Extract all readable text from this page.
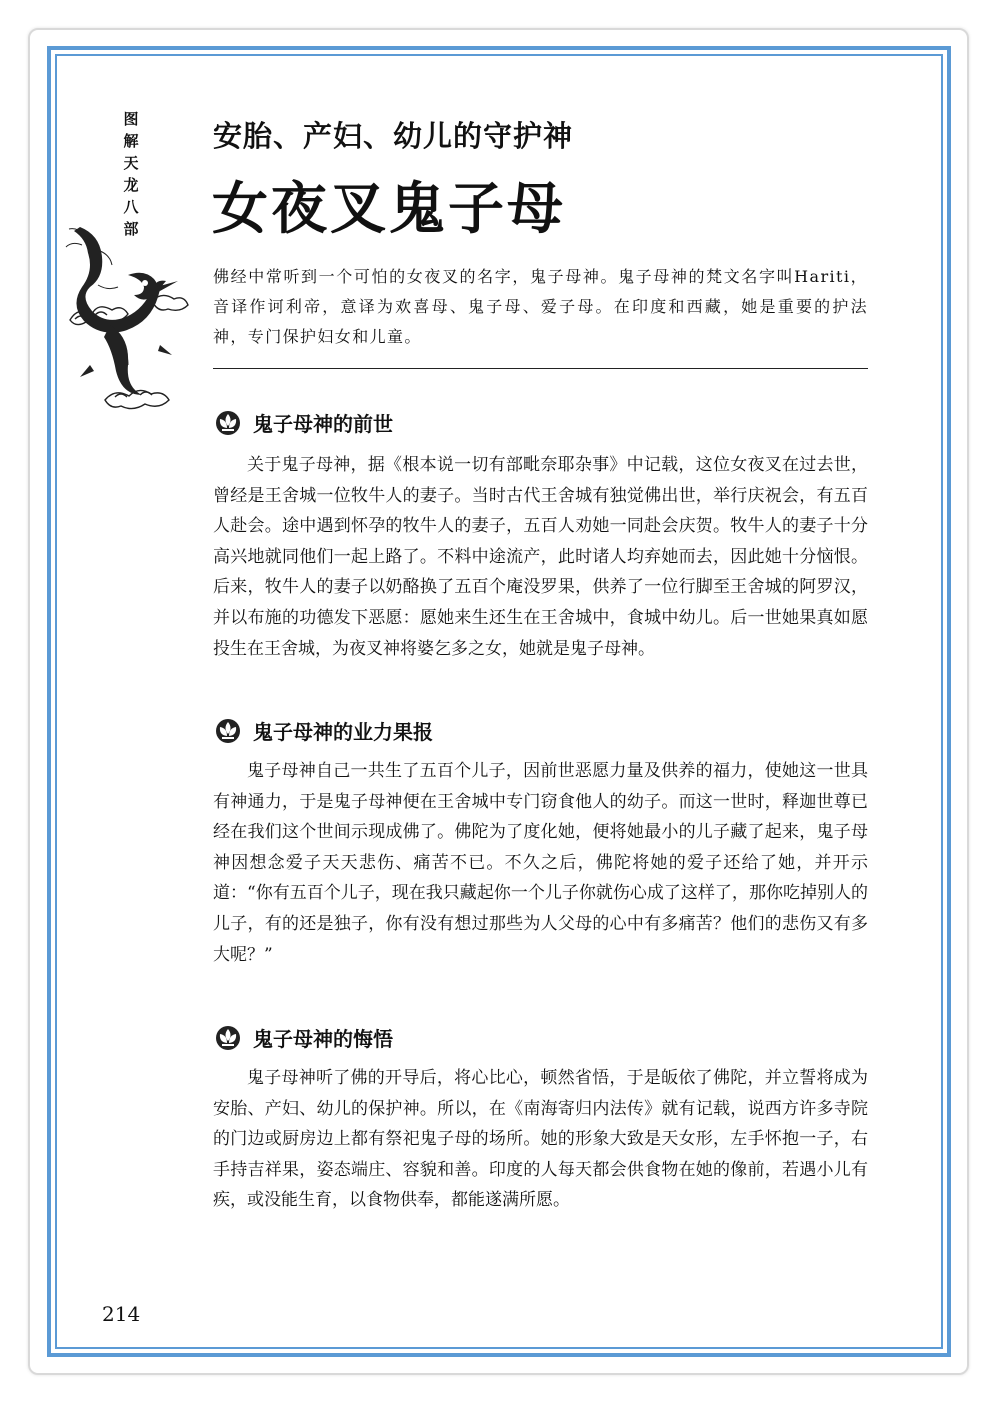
图
解
天
龙
八
部
安胎、产妇、幼儿的守护神
女夜叉鬼子母
佛经中常听到一个可怕的女夜叉的名字，鬼子母神。鬼子母神的梵文名字叫Hariti，音译作诃利帝，意译为欢喜母、鬼子母、爱子母。在印度和西藏，她是重要的护法神，专门保护妇女和儿童。
鬼子母神的前世
关于鬼子母神，据《根本说一切有部毗奈耶杂事》中记载，这位女夜叉在过去世，曾经是王舍城一位牧牛人的妻子。当时古代王舍城有独觉佛出世，举行庆祝会，有五百人赴会。途中遇到怀孕的牧牛人的妻子，五百人劝她一同赴会庆贺。牧牛人的妻子十分高兴地就同他们一起上路了。不料中途流产，此时诸人均弃她而去，因此她十分恼恨。后来，牧牛人的妻子以奶酪换了五百个庵没罗果，供养了一位行脚至王舍城的阿罗汉，并以布施的功德发下恶愿：愿她来生还生在王舍城中，食城中幼儿。后一世她果真如愿投生在王舍城，为夜叉神将婆乞多之女，她就是鬼子母神。
鬼子母神的业力果报
鬼子母神自己一共生了五百个儿子，因前世恶愿力量及供养的福力，使她这一世具有神通力，于是鬼子母神便在王舍城中专门窃食他人的幼子。而这一世时，释迦世尊已经在我们这个世间示现成佛了。佛陀为了度化她，便将她最小的儿子藏了起来，鬼子母神因想念爱子天天悲伤、痛苦不已。不久之后，佛陀将她的爱子还给了她，并开示道：“你有五百个儿子，现在我只藏起你一个儿子你就伤心成了这样了，那你吃掉别人的儿子，有的还是独子，你有没有想过那些为人父母的心中有多痛苦？他们的悲伤又有多大呢？”
鬼子母神的悔悟
鬼子母神听了佛的开导后，将心比心，顿然省悟，于是皈依了佛陀，并立誓将成为安胎、产妇、幼儿的保护神。所以，在《南海寄归内法传》就有记载，说西方许多寺院的门边或厨房边上都有祭祀鬼子母的场所。她的形象大致是天女形，左手怀抱一子，右手持吉祥果，姿态端庄、容貌和善。印度的人每天都会供食物在她的像前，若遇小儿有疾，或没能生育，以食物供奉，都能遂满所愿。
214
